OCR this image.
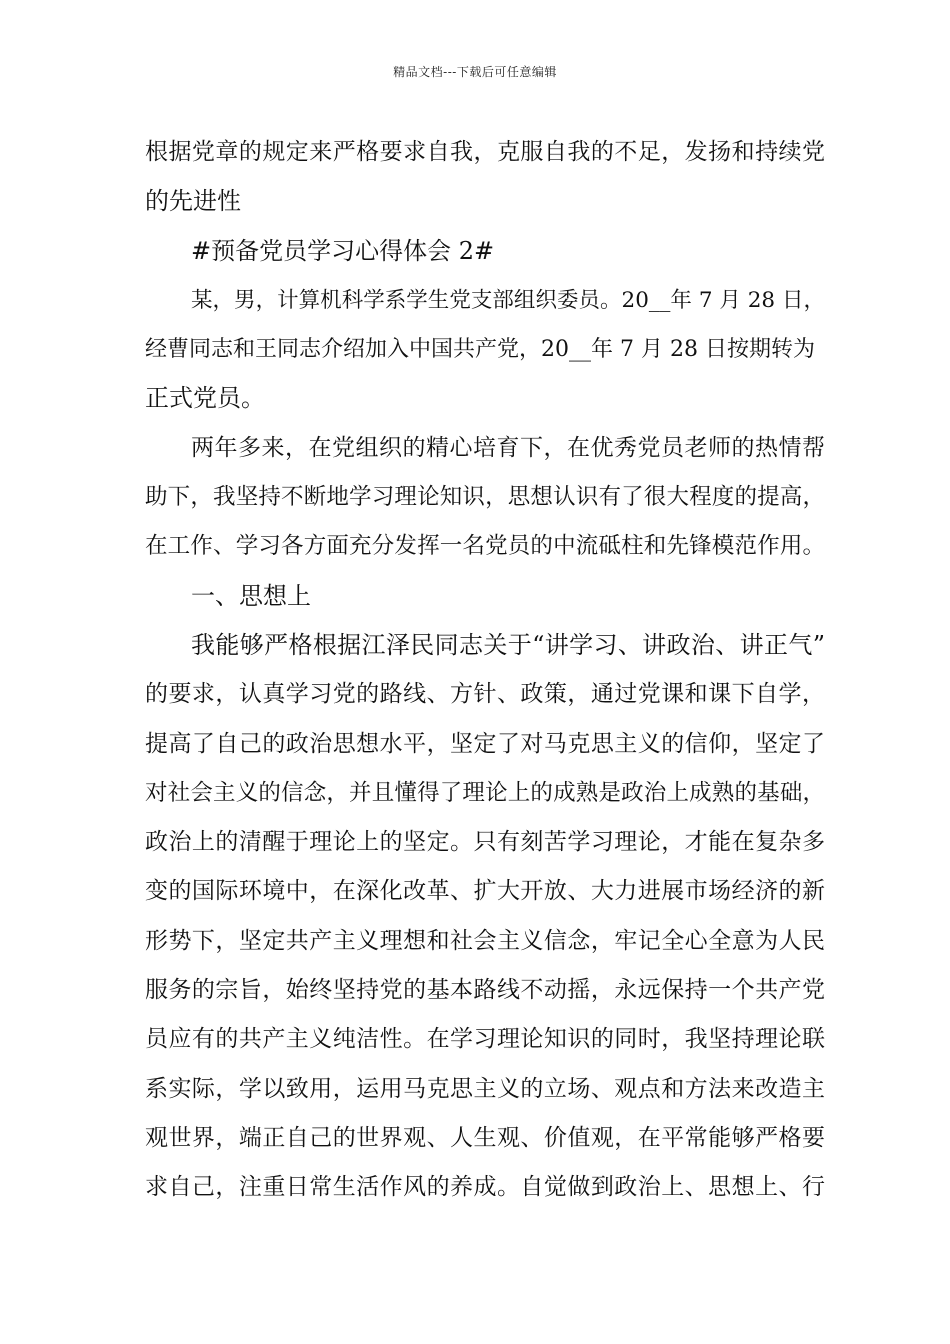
精品文档---下载后可任意编辑
根据党章的规定来严格要求自我，克服自我的不足，发扬和持续党
的先进性
#预备党员学习心得体会 2#
某，男，计算机科学系学生党支部组织委员。20__年 7 月 28 日，
经曹同志和王同志介绍加入中国共产党，20__年 7 月 28 日按期转为
正式党员。
两年多来，在党组织的精心培育下，在优秀党员老师的热情帮
助下，我坚持不断地学习理论知识，思想认识有了很大程度的提高，
在工作、学习各方面充分发挥一名党员的中流砥柱和先锋模范作用。
一、思想上
我能够严格根据江泽民同志关于“讲学习、讲政治、讲正气”
的要求，认真学习党的路线、方针、政策，通过党课和课下自学，
提高了自己的政治思想水平，坚定了对马克思主义的信仰，坚定了
对社会主义的信念，并且懂得了理论上的成熟是政治上成熟的基础，
政治上的清醒于理论上的坚定。只有刻苦学习理论，才能在复杂多
变的国际环境中，在深化改革、扩大开放、大力进展市场经济的新
形势下，坚定共产主义理想和社会主义信念，牢记全心全意为人民
服务的宗旨，始终坚持党的基本路线不动摇，永远保持一个共产党
员应有的共产主义纯洁性。在学习理论知识的同时，我坚持理论联
系实际，学以致用，运用马克思主义的立场、观点和方法来改造主
观世界，端正自己的世界观、人生观、价值观，在平常能够严格要
求自己，注重日常生活作风的养成。自觉做到政治上、思想上、行
